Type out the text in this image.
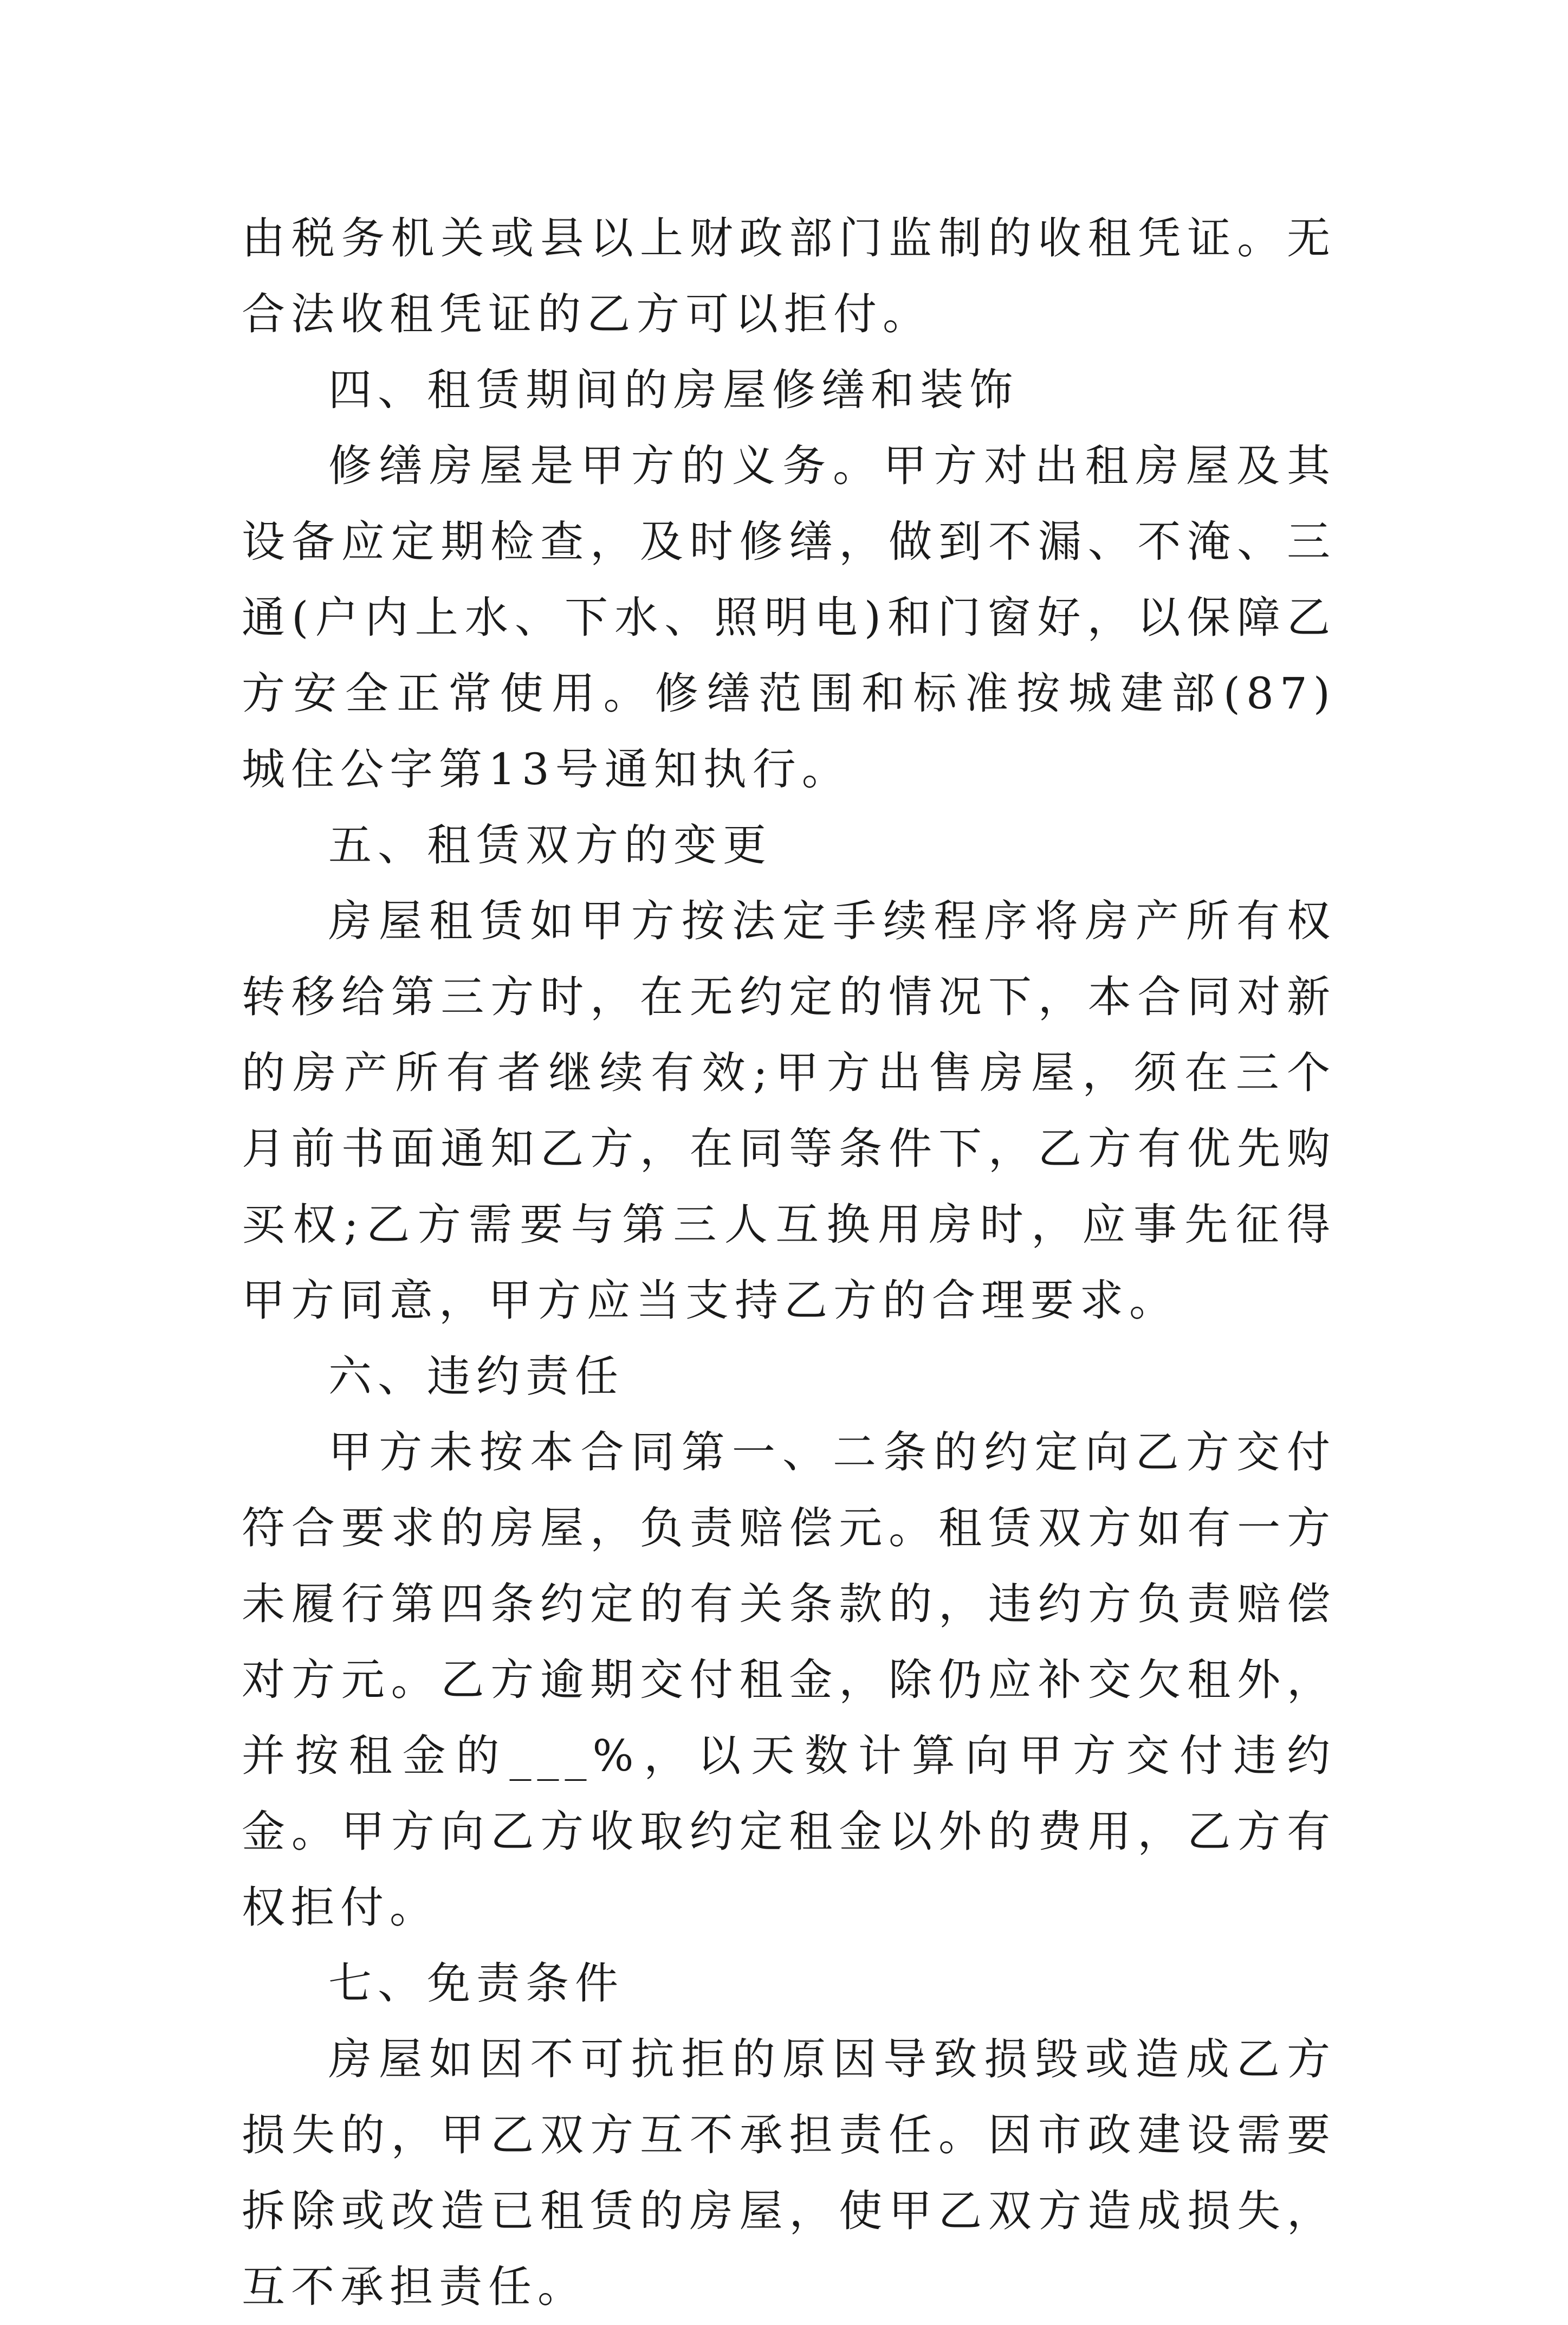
由税务机关或县以上财政部门监制的收租凭证。无合法收租凭证的乙方可以拒付。

四、租赁期间的房屋修缮和装饰

修缮房屋是甲方的义务。甲方对出租房屋及其设备应定期检查，及时修缮，做到不漏、不淹、三通(户内上水、下水、照明电)和门窗好，以保障乙方安全正常使用。修缮范围和标准按城建部(87)城住公字第13号通知执行。

五、租赁双方的变更

房屋租赁如甲方按法定手续程序将房产所有权转移给第三方时，在无约定的情况下，本合同对新的房产所有者继续有效;甲方出售房屋，须在三个月前书面通知乙方，在同等条件下，乙方有优先购买权;乙方需要与第三人互换用房时，应事先征得甲方同意，甲方应当支持乙方的合理要求。

六、违约责任

甲方未按本合同第一、二条的约定向乙方交付符合要求的房屋，负责赔偿元。租赁双方如有一方未履行第四条约定的有关条款的，违约方负责赔偿对方元。乙方逾期交付租金，除仍应补交欠租外，并按租金的___%，以天数计算向甲方交付违约金。甲方向乙方收取约定租金以外的费用，乙方有权拒付。

七、免责条件

房屋如因不可抗拒的原因导致损毁或造成乙方损失的，甲乙双方互不承担责任。因市政建设需要拆除或改造已租赁的房屋，使甲乙双方造成损失，互不承担责任。
